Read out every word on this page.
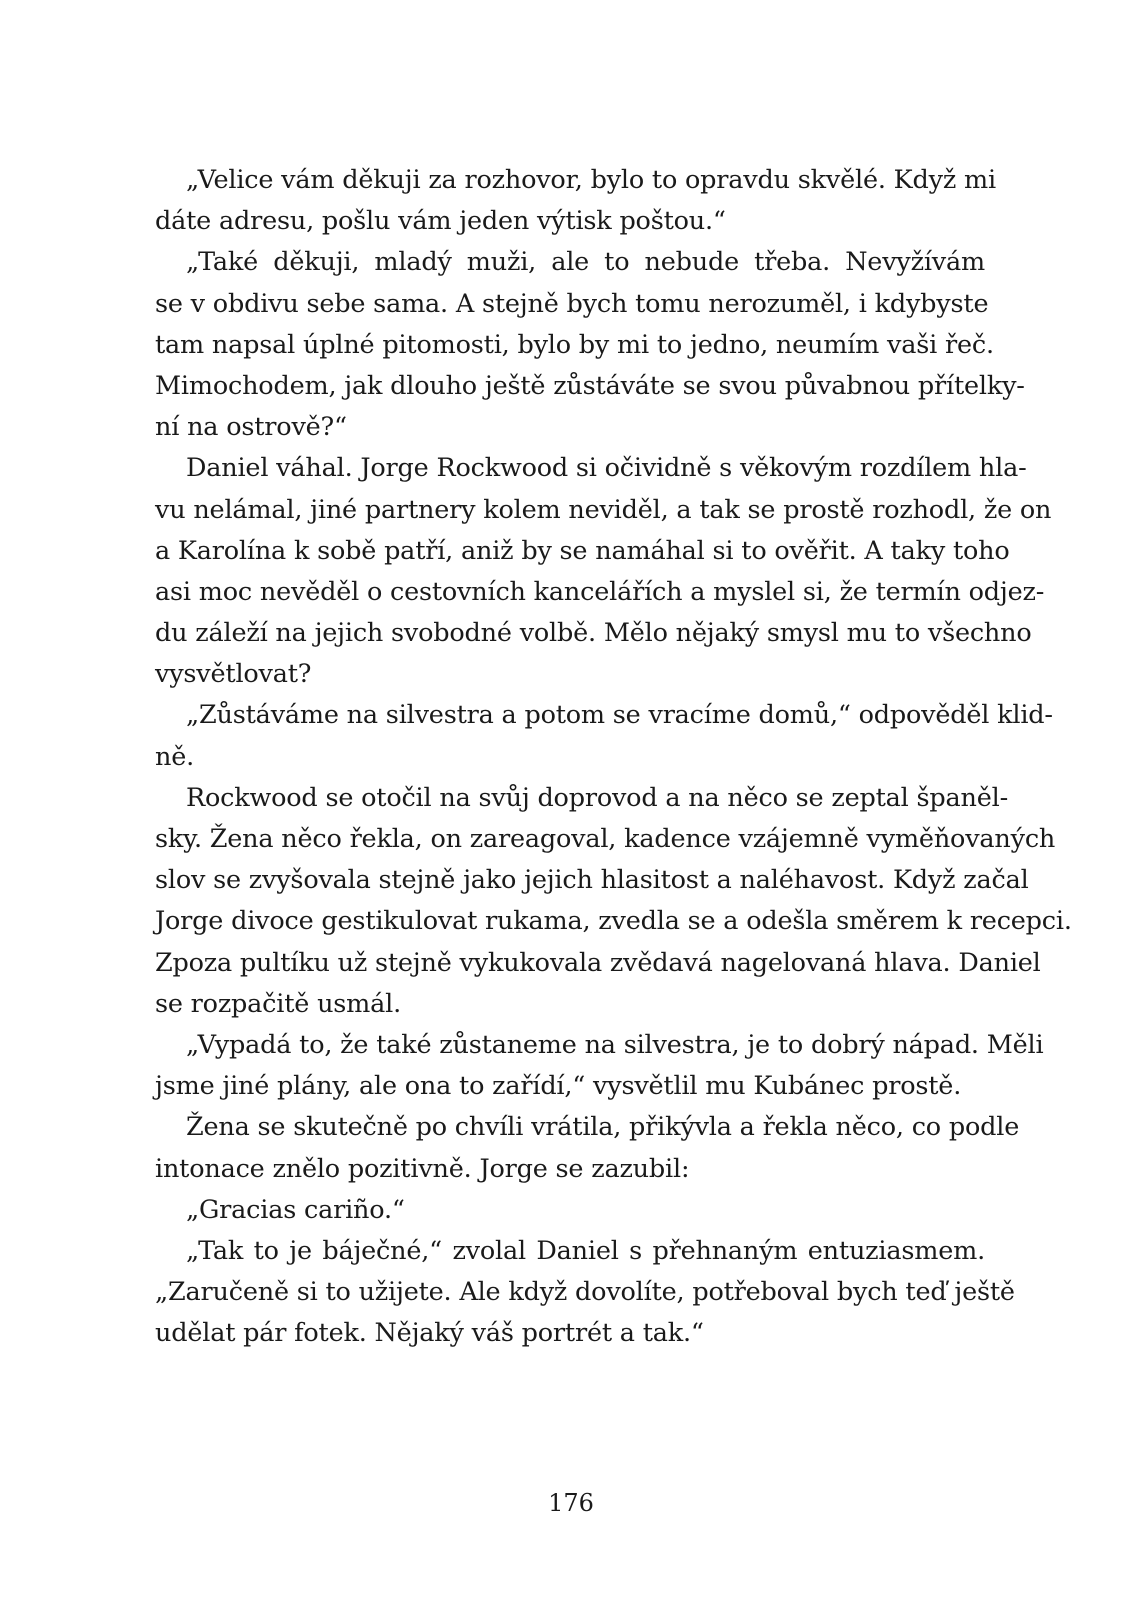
„Velice vám děkuji za rozhovor, bylo to opravdu skvělé. Když mi
dáte adresu, pošlu vám jeden výtisk poštou.“

„Také děkuji, mladý muži, ale to nebude třeba. Nevyžívám
se v obdivu sebe sama. A stejně bych tomu nerozuměl, i kdybyste
tam napsal úplné pitomosti, bylo by mi to jedno, neumím vaši řeč.
Mimochodem, jak dlouho ještě zůstáváte se svou půvabnou přítelky-
ní na ostrově?“

Daniel váhal. Jorge Rockwood si očividně s věkovým rozdílem hla-
vu nelámal, jiné partnery kolem neviděl, a tak se prostě rozhodl, že on
a Karolína k sobě patří, aniž by se namáhal si to ověřit. A taky toho
asi moc nevěděl o cestovních kancelářích a myslel si, že termín odjez-
du záleží na jejich svobodné volbě. Mělo nějaký smysl mu to všechno
vysvětlovat?

„Zůstáváme na silvestra a potom se vracíme domů,“ odpověděl klid-
ně.

Rockwood se otočil na svůj doprovod a na něco se zeptal španěl-
sky. Žena něco řekla, on zareagoval, kadence vzájemně vyměňovaných
slov se zvyšovala stejně jako jejich hlasitost a naléhavost. Když začal
Jorge divoce gestikulovat rukama, zvedla se a odešla směrem k recepci.
Zpoza pultíku už stejně vykukovala zvědavá nagelovaná hlava. Daniel
se rozpačitě usmál.

„Vypadá to, že také zůstaneme na silvestra, je to dobrý nápad. Měli
jsme jiné plány, ale ona to zařídí,“ vysvětlil mu Kubánec prostě.

Žena se skutečně po chvíli vrátila, přikývla a řekla něco, co podle
intonace znělo pozitivně. Jorge se zazubil:

„Gracias cariño.“

„Tak to je báječné,“ zvolal Daniel s přehnaným entuziasmem.
„Zaručeně si to užijete. Ale když dovolíte, potřeboval bych teď ještě
udělat pár fotek. Nějaký váš portrét a tak.“

176
